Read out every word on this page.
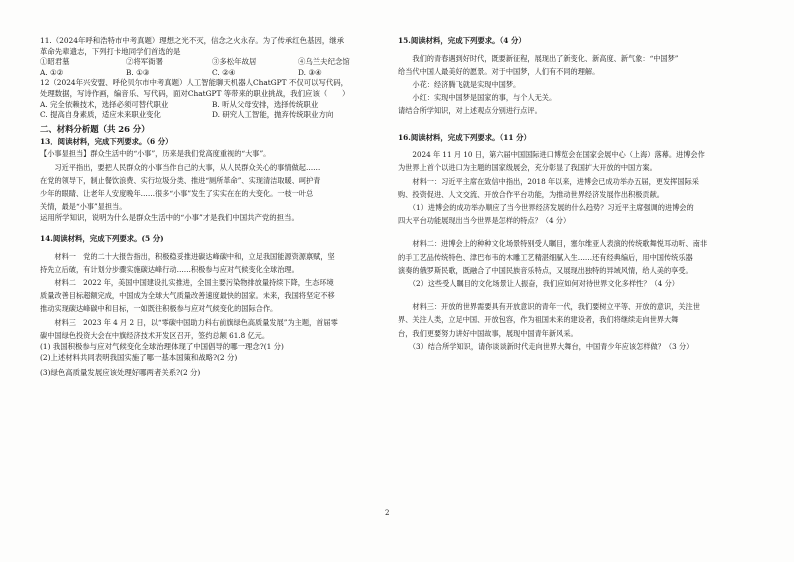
11.（2024年呼和浩特市中考真题）理想之光不灭，信念之火永存。为了传承红色基因，继承

革命先辈遗志，下列打卡地同学们首选的是

①昭君墓	②将军衙署	③多松年故居	④乌兰夫纪念馆
A. ①②	B. ①③	C. ②④	D. ③④

12（2024年兴安盟、呼伦贝尔市中考真题）人工智能聊天机器人ChatGPT 不仅可以写代码，

处理数据，写诗作画，编音乐、写代码，面对ChatGPT 等带来的职业挑战，我们应该（　　）

A. 完全依赖技术，选择必须可替代职业	B. 听从父母安排，选择传统职业
C. 提高自身素质，适应未来职业变化	D. 研究人工智能，抛弃传统职业方向

二、材料分析题（共 26 分）

13．阅读材料，完成下列要求。（6 分）

【小事显担当】群众生活中的“小事”，历来是我们党高度重视的“大事”。

　　习近平指出，要把人民群众的小事当作自己的大事，从人民群众关心的事情做起……

在党的领导下，制止餐饮浪费、实行垃圾分类、推进“厕所革命”、实现清洁取暖、呵护青

少年的眼睛、让老年人安度晚年……很多“小事”发生了实实在在的大变化。一枝一叶总

关情，最是“小事”显担当。

运用所学知识，说明为什么是群众生活中的“小事”才是我们中国共产党的担当。

14.阅读材料，完成下列要求。(5 分)

　　材料一　党的二十大报告指出，积极稳妥推进碳达峰碳中和，立足我国能源资源禀赋，坚

持先立后破，有计划分步骤实施碳达峰行动……积极参与应对气候变化全球治理。

　　材料二　2022 年，美国中国建设扎实推进，全国主要污染物排放量持续下降，生态环境

质量改善目标超额完成，中国成为全球大气质量改善速度最快的国家。未来，我国将坚定不移

推动实现碳达峰碳中和目标，一如既往积极参与应对气候变化的国际合作。

　　材料三　2023 年 4 月 2 日，以“零碳中国助力科右前旗绿色高质量发展”为主题，首届零

碳中国绿色投资大会在中旗经济技术开发区召开，签约总额 61.8 亿元。

(1) 我国积极参与应对气候变化全球治理体现了中国倡导的哪一理念?(1 分)

(2)上述材料共同表明我国实施了哪一基本国策和战略?(2 分)

(3)绿色高质量发展应该处理好哪两者关系?(2 分)

15.阅读材料，完成下列要求。（4 分）

　　我们的青春遇到好时代，既要新征程，展现出了新变化、新高度、新气象：“中国梦”

给当代中国人最美好的愿景。对于中国梦，人们有不同的理解。

　　小花：经济腾飞就是实现中国梦。

　　小红：实现中国梦是国家的事，与个人无关。

请结合所学知识，对上述观点分别进行点评。

16.阅读材料，完成下列要求。（11 分）

　　2024 年 11 月 10 日，第六届中国国际进口博览会在国家会展中心（上海）落幕。进博会作

为世界上首个以进口为主题的国家级展会，充分彰显了我国扩大开放的中国方案。

　　材料一：习近平主席在致信中指出，2018 年以来，进博会已成功举办五届，更发挥国际采

购、投资促进、人文交流、开放合作平台功能，为推动世界经济发展作出积极贡献。

　　（1）进博会的成功举办顺应了当今世界经济发展的什么趋势？习近平主席强调的进博会的

四大平台功能展现出当今世界是怎样的特点？（4 分）

　　材料二：进博会上的种种文化场景特别受人瞩目，塞尔维亚人表演的传统歌舞悦耳动听、南非

的手工艺品传统特色、津巴布韦的木雕工艺精湛细腻入生……还有经典编后，用中国传统乐器

演奏的俄罗斯民歌，既融合了中国民族音乐特点，又展现出独特的异域风情，给人美的享受。

　　（2）这些受人瞩目的文化场景让人振奋，我们应如何对待世界文化多样性？（4 分）

　　材料三：开放的世界需要具有开放意识的青年一代，我们要树立平等、开放的意识，关注世

界、关注人类，立足中国、开放包容，作为祖国未来的建设者，我们将继续走向世界大舞

台，我们更要努力讲好中国故事，展现中国青年新风采。

　　（3）结合所学知识，请你谈谈新时代走向世界大舞台，中国青少年应该怎样做？（3 分）

2
